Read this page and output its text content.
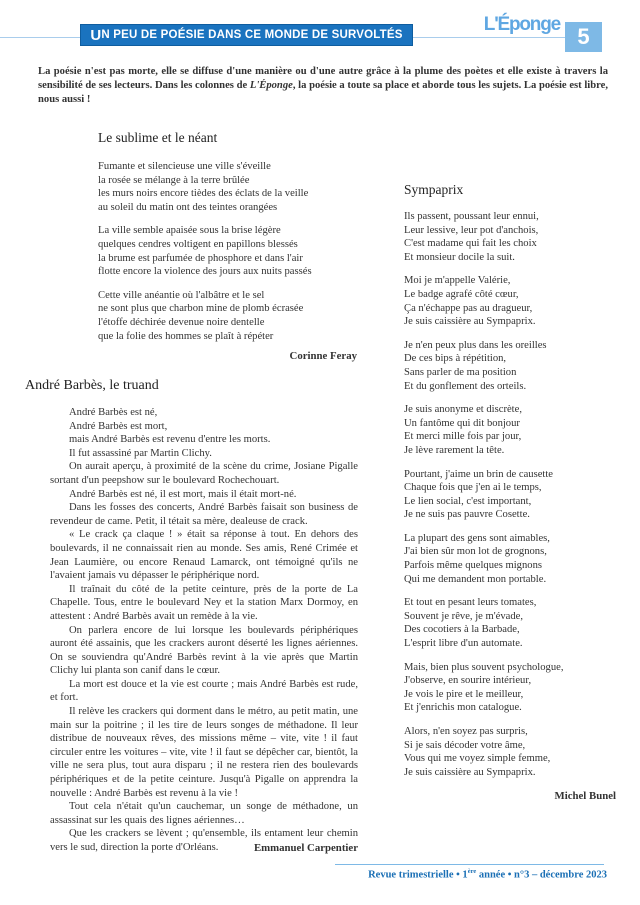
U N PEU DE POÉSIE DANS CE MONDE DE SURVOLTÉS	L'Éponge 5
La poésie n'est pas morte, elle se diffuse d'une manière ou d'une autre grâce à la plume des poètes et elle existe à travers la sensibilité de ses lecteurs. Dans les colonnes de L'Éponge, la poésie a toute sa place et aborde tous les sujets. La poésie est libre, nous aussi !
Le sublime et le néant
Fumante et silencieuse une ville s'éveille
la rosée se mélange à la terre brûlée
les murs noirs encore tièdes des éclats de la veille
au soleil du matin ont des teintes orangées
La ville semble apaisée sous la brise légère
quelques cendres voltigent en papillons blessés
la brume est parfumée de phosphore et dans l'air
flotte encore la violence des jours aux nuits passés
Cette ville anéantie où l'albâtre et le sel
ne sont plus que charbon mine de plomb écrasée
l'étoffe déchirée devenue noire dentelle
que la folie des hommes se plaît à répéter
Corinne Feray
André Barbès, le truand

André Barbès est né,

André Barbès est mort,

mais André Barbès est revenu d'entre les morts.

Il fut assassiné par Martin Clichy.

On aurait aperçu, à proximité de la scène du crime, Josiane Pigalle sortant d'un peepshow sur le boulevard Rochechouart.

André Barbès est né, il est mort, mais il était mort-né.

Dans les fosses des concerts, André Barbès faisait son business de revendeur de came. Petit, il tétait sa mère, dealeuse de crack.

« Le crack ça claque ! » était sa réponse à tout. En dehors des boulevards, il ne connaissait rien au monde. Ses amis, René Crimée et Jean Laumière, ou encore Renaud Lamarck, ont témoigné qu'ils ne l'avaient jamais vu dépasser le périphérique nord.

Il traînait du côté de la petite ceinture, près de la porte de La Chapelle. Tous, entre le boulevard Ney et la station Marx Dormoy, en attestent : André Barbès avait un remède à la vie.

On parlera encore de lui lorsque les boulevards périphériques auront été assainis, que les crackers auront déserté les lignes aériennes. On se souviendra qu'André Barbès revint à la vie après que Martin Clichy lui planta son canif dans le cœur.

La mort est douce et la vie est courte ; mais André Barbès est rude, et fort.

Il relève les crackers qui dorment dans le métro, au petit matin, une main sur la poitrine ; il les tire de leurs songes de méthadone. Il leur distribue de nouveaux rêves, des missions même – vite, vite ! il faut circuler entre les voitures – vite, vite ! il faut se dépêcher car, bientôt, la ville ne sera plus, tout aura disparu ; il ne restera rien des boulevards périphériques et de la petite ceinture. Jusqu'à Pigalle on apprendra la nouvelle : André Barbès est revenu à la vie !

Tout cela n'était qu'un cauchemar, un songe de méthadone, un assassinat sur les quais des lignes aériennes…

Que les crackers se lèvent ; qu'ensemble, ils entament leur chemin vers le sud, direction la porte d'Orléans.	Emmanuel Carpentier
Sympaprix
Ils passent, poussant leur ennui,
Leur lessive, leur pot d'anchois,
C'est madame qui fait les choix
Et monsieur docile la suit.
Moi je m'appelle Valérie,
Le badge agrafé côté cœur,
Ça n'échappe pas au dragueur,
Je suis caissière au Sympaprix.
Je n'en peux plus dans les oreilles
De ces bips à répétition,
Sans parler de ma position
Et du gonflement des orteils.
Je suis anonyme et discrète,
Un fantôme qui dit bonjour
Et merci mille fois par jour,
Je lève rarement la tête.
Pourtant, j'aime un brin de causette
Chaque fois que j'en ai le temps,
Le lien social, c'est important,
Je ne suis pas pauvre Cosette.
La plupart des gens sont aimables,
J'ai bien sûr mon lot de grognons,
Parfois même quelques mignons
Qui me demandent mon portable.
Et tout en pesant leurs tomates,
Souvent je rêve, je m'évade,
Des cocotiers à la Barbade,
L'esprit libre d'un automate.
Mais, bien plus souvent psychologue,
J'observe, en sourire intérieur,
Je vois le pire et le meilleur,
Et j'enrichis mon catalogue.
Alors, n'en soyez pas surpris,
Si je sais décoder votre âme,
Vous qui me voyez simple femme,
Je suis caissière au Sympaprix.
Michel Bunel
Revue trimestrielle • 1ère année • n°3 – décembre 2023
